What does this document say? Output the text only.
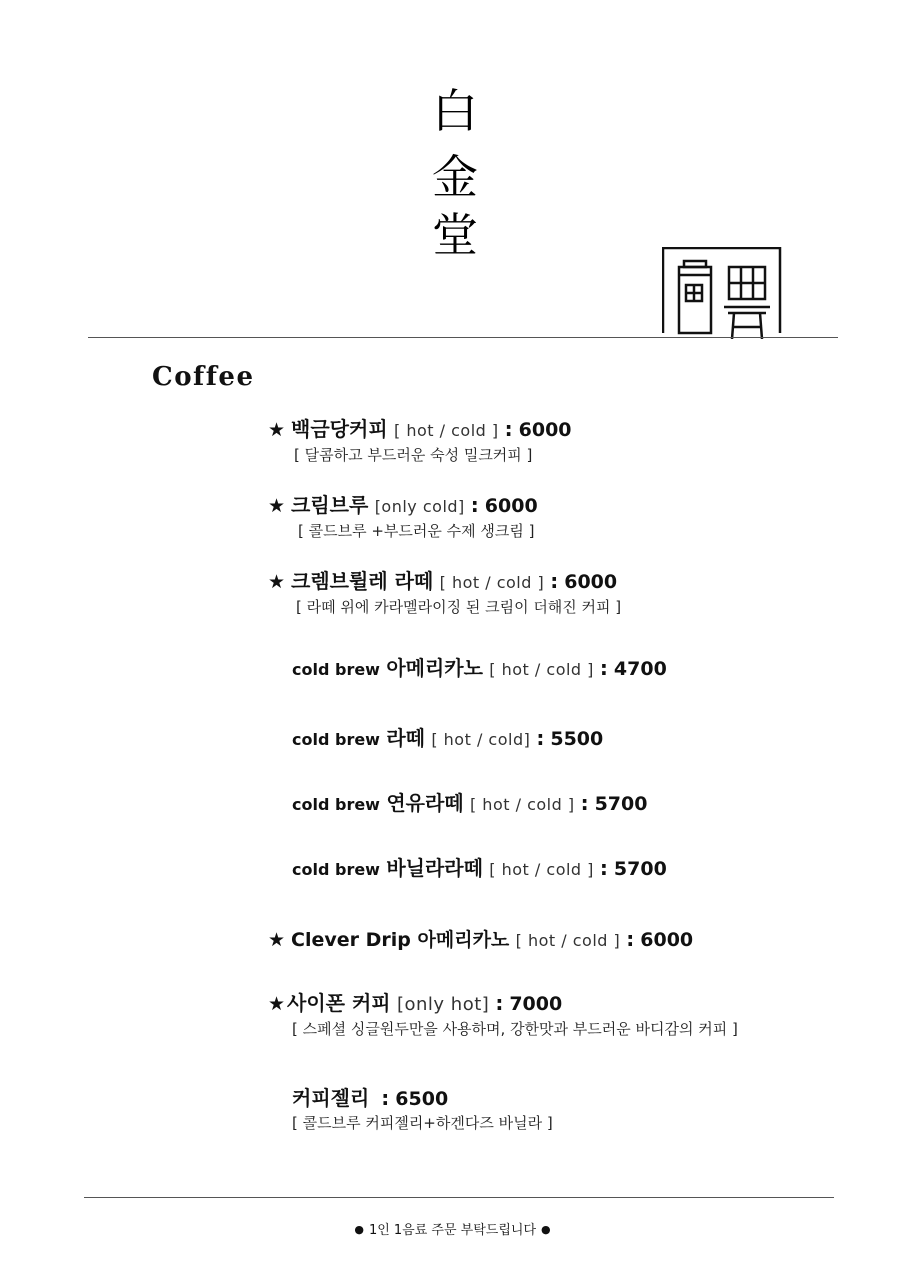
白
金
堂
Coffee
★ 백금당커피 [ hot / cold ] : 6000
[ 달콤하고 부드러운 숙성 밀크커피 ]
★ 크림브루 [only cold] : 6000
[ 콜드브루 +부드러운 수제 생크림 ]
★ 크렘브륄레 라떼 [ hot / cold ] : 6000
[ 라떼 위에 카라멜라이징 된 크림이 더해진 커피 ]
cold brew 아메리카노 [ hot / cold ] : 4700
cold brew 라떼 [ hot / cold] : 5500
cold brew 연유라떼 [ hot / cold ] : 5700
cold brew 바닐라라떼 [ hot / cold ] : 5700
★ Clever Drip 아메리카노 [ hot / cold ] : 6000
★ 사이폰 커피 [only hot] : 7000
[ 스페셜 싱글원두만을 사용하며, 강한맛과 부드러운 바디감의 커피 ]
커피젤리 : 6500
[ 콜드브루 커피젤리+하겐다즈 바닐라 ]
● 1인 1음료 주문 부탁드립니다 ●
